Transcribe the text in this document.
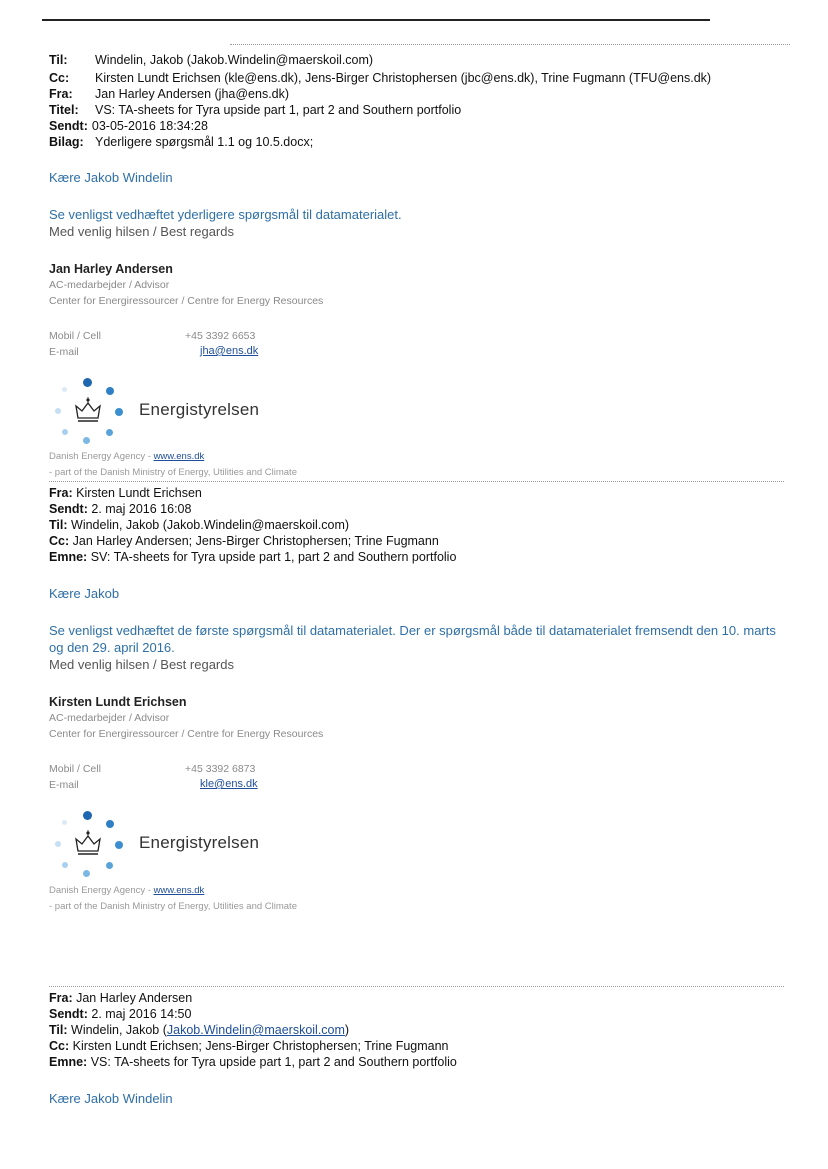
Til: Windelin, Jakob (Jakob.Windelin@maerskoil.com)
Cc: Kirsten Lundt Erichsen (kle@ens.dk), Jens-Birger Christophersen (jbc@ens.dk), Trine Fugmann (TFU@ens.dk)
Fra: Jan Harley Andersen (jha@ens.dk)
Titel: VS: TA-sheets for Tyra upside part 1, part 2 and Southern portfolio
Sendt: 03-05-2016 18:34:28
Bilag: Yderligere spørgsmål 1.1 og 10.5.docx;
Kære Jakob Windelin
Se venligst vedhæftet yderligere spørgsmål til datamaterialet.
Med venlig hilsen / Best regards
Jan Harley Andersen
AC-medarbejder / Advisor
Center for Energiressourcer / Centre for Energy Resources
Mobil / Cell	+45 3392 6653
E-mail	jha@ens.dk
Energistyrelsen
Danish Energy Agency - www.ens.dk
- part of the Danish Ministry of Energy, Utilities and Climate
Fra: Kirsten Lundt Erichsen
Sendt: 2. maj 2016 16:08
Til: Windelin, Jakob (Jakob.Windelin@maerskoil.com)
Cc: Jan Harley Andersen; Jens-Birger Christophersen; Trine Fugmann
Emne: SV: TA-sheets for Tyra upside part 1, part 2 and Southern portfolio
Kære Jakob
Se venligst vedhæftet de første spørgsmål til datamaterialet. Der er spørgsmål både til datamaterialet fremsendt den 10. marts og den 29. april 2016.
Med venlig hilsen / Best regards
Kirsten Lundt Erichsen
AC-medarbejder / Advisor
Center for Energiressourcer / Centre for Energy Resources
Mobil / Cell	+45 3392 6873
E-mail	kle@ens.dk
Energistyrelsen
Danish Energy Agency - www.ens.dk
- part of the Danish Ministry of Energy, Utilities and Climate
Fra: Jan Harley Andersen
Sendt: 2. maj 2016 14:50
Til: Windelin, Jakob (Jakob.Windelin@maerskoil.com)
Cc: Kirsten Lundt Erichsen; Jens-Birger Christophersen; Trine Fugmann
Emne: VS: TA-sheets for Tyra upside part 1, part 2 and Southern portfolio
Kære Jakob Windelin
